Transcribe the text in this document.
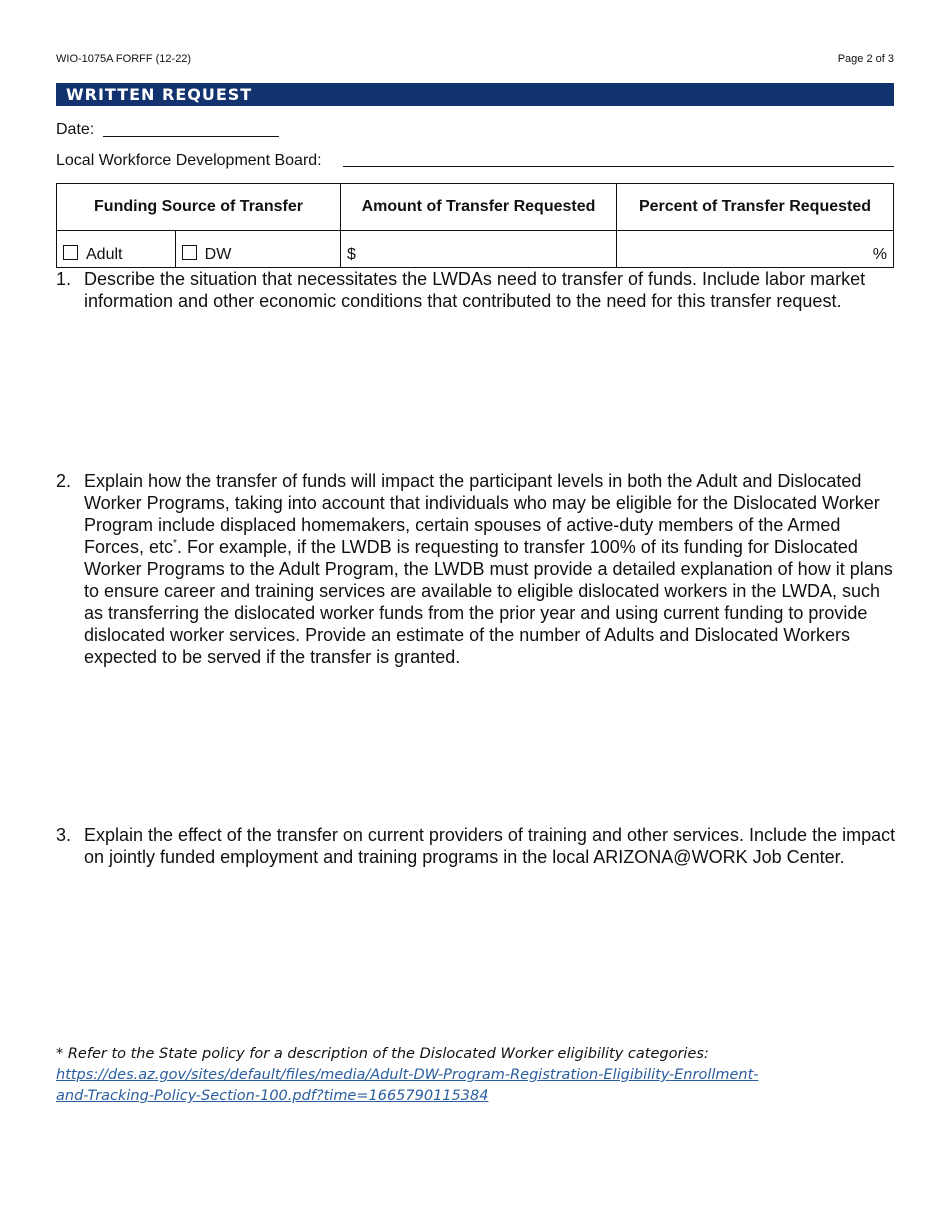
WIO-1075A FORFF (12-22)	Page 2 of 3
WRITTEN REQUEST
Date:
Local Workforce Development Board:
Funding Source of Transfer		Amount of Transfer Requested	Percent of Transfer Requested

Adult	DW	$	%
1. Describe the situation that necessitates the LWDAs need to transfer of funds. Include labor market information and other economic conditions that contributed to the need for this transfer request.
2. Explain how the transfer of funds will impact the participant levels in both the Adult and Dislocated Worker Programs, taking into account that individuals who may be eligible for the Dislocated Worker Program include displaced homemakers, certain spouses of active-duty members of the Armed Forces, etc*. For example, if the LWDB is requesting to transfer 100% of its funding for Dislocated Worker Programs to the Adult Program, the LWDB must provide a detailed explanation of how it plans to ensure career and training services are available to eligible dislocated workers in the LWDA, such as transferring the dislocated worker funds from the prior year and using current funding to provide dislocated worker services. Provide an estimate of the number of Adults and Dislocated Workers expected to be served if the transfer is granted.
3. Explain the effect of the transfer on current providers of training and other services. Include the impact on jointly funded employment and training programs in the local ARIZONA@WORK Job Center.
* Refer to the State policy for a description of the Dislocated Worker eligibility categories:
https://des.az.gov/sites/default/files/media/Adult-DW-Program-Registration-Eligibility-Enrollment-
and-Tracking-Policy-Section-100.pdf?time=1665790115384
